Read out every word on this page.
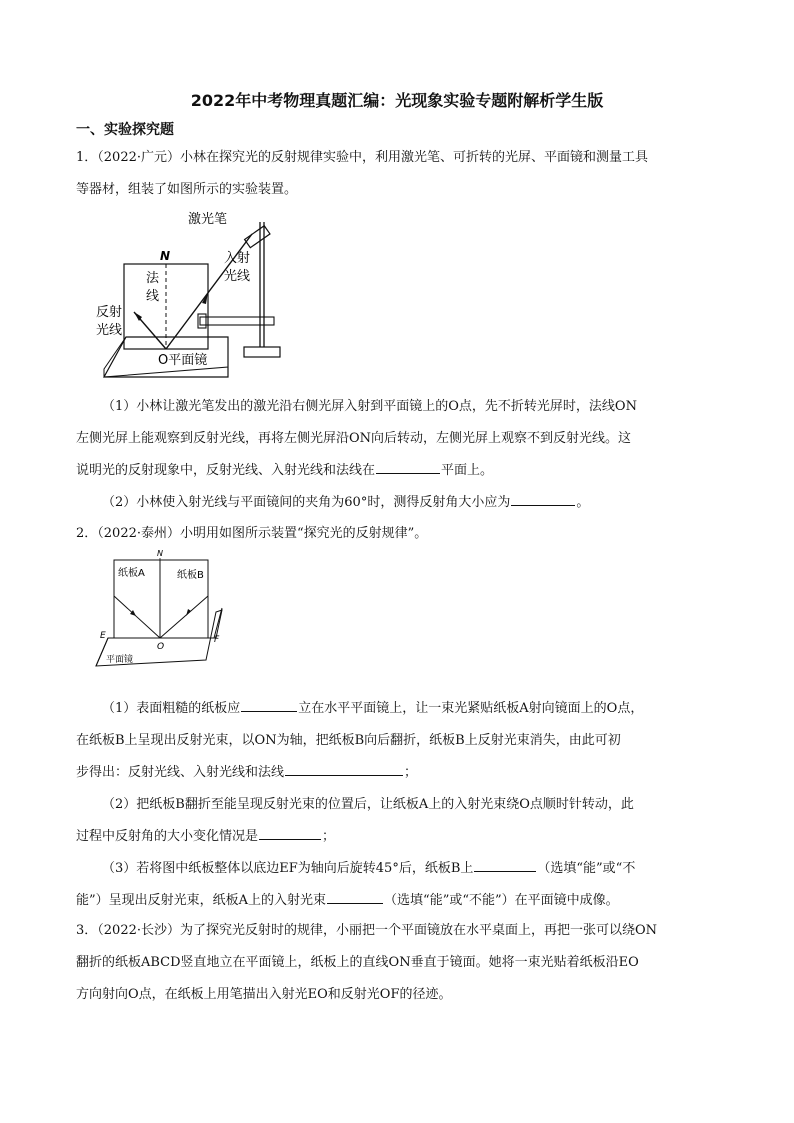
2022年中考物理真题汇编：光现象实验专题附解析学生版
一、实验探究题
1．（2022·广元）小林在探究光的反射规律实验中，利用激光笔、可折转的光屏、平面镜和测量工具
等器材，组装了如图所示的实验装置。
激光笔
N
法
线
入射
光线
反射
光线
O平面镜
（1）小林让激光笔发出的激光沿右侧光屏入射到平面镜上的O点，先不折转光屏时，法线ON
左侧光屏上能观察到反射光线，再将左侧光屏沿ON向后转动，左侧光屏上观察不到反射光线。这
说明光的反射现象中，反射光线、入射光线和法线在	平面上。
（2）小林使入射光线与平面镜间的夹角为60°时，测得反射角大小应为	。
2．（2022·泰州）小明用如图所示装置“探究光的反射规律”。
N
纸板A	纸板B
E
O
F
平面镜
（1）表面粗糙的纸板应	立在水平平面镜上，让一束光紧贴纸板A射向镜面上的O点，
在纸板B上呈现出反射光束，以ON为轴，把纸板B向后翻折，纸板B上反射光束消失，由此可初
步得出：反射光线、入射光线和法线	；
（2）把纸板B翻折至能呈现反射光束的位置后，让纸板A上的入射光束绕O点顺时针转动，此
过程中反射角的大小变化情况是	；
（3）若将图中纸板整体以底边EF为轴向后旋转45°后，纸板B上	（选填“能”或“不
能”）呈现出反射光束，纸板A上的入射光束	（选填“能”或“不能”）在平面镜中成像。
3．（2022·长沙）为了探究光反射时的规律，小丽把一个平面镜放在水平桌面上，再把一张可以绕ON
翻折的纸板ABCD竖直地立在平面镜上，纸板上的直线ON垂直于镜面。她将一束光贴着纸板沿EO
方向射向O点，在纸板上用笔描出入射光EO和反射光OF的径迹。
